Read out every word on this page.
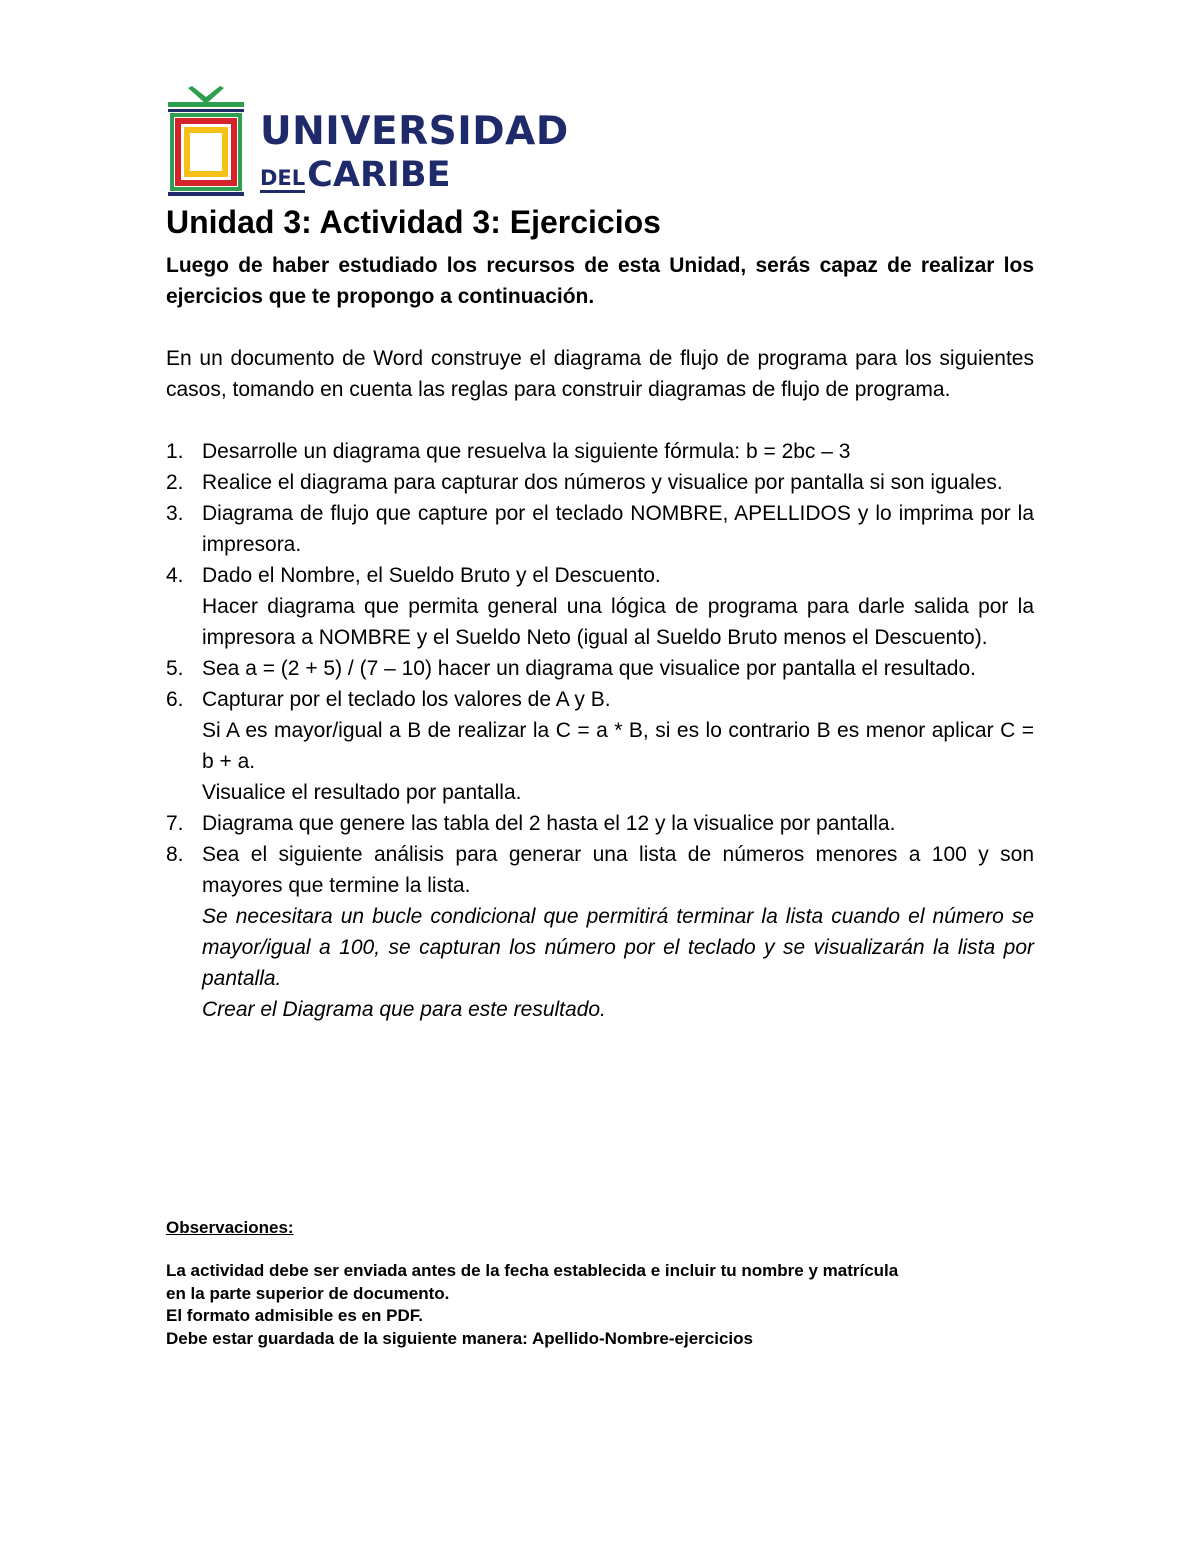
UNIVERSIDAD
DEL CARIBE
Unidad 3: Actividad 3: Ejercicios

Luego de haber estudiado los recursos de esta Unidad, serás capaz de realizar los ejercicios que te propongo a continuación.

En un documento de Word construye el diagrama de flujo de programa para los siguientes casos, tomando en cuenta las reglas para construir diagramas de flujo de programa.

1. Desarrolle un diagrama que resuelva la siguiente fórmula: b = 2bc – 3

2. Realice el diagrama para capturar dos números y visualice por pantalla si son iguales.

3. Diagrama de flujo que capture por el teclado NOMBRE, APELLIDOS y lo imprima por la impresora.

4. Dado el Nombre, el Sueldo Bruto y el Descuento.

Hacer diagrama que permita general una lógica de programa para darle salida por la impresora a NOMBRE y el Sueldo Neto (igual al Sueldo Bruto menos el Descuento).

5. Sea a = (2 + 5) / (7 – 10) hacer un diagrama que visualice por pantalla el resultado.

6. Capturar por el teclado los valores de A y B.

Si A es mayor/igual a B de realizar la C = a * B, si es lo contrario B es menor aplicar C = b + a.

Visualice el resultado por pantalla.

7. Diagrama que genere las tabla del 2 hasta el 12 y la visualice por pantalla.

8. Sea el siguiente análisis para generar una lista de números menores a 100 y son mayores que termine la lista.

Se necesitara un bucle condicional que permitirá terminar la lista cuando el número se mayor/igual a 100, se capturan los número por el teclado y se visualizarán la lista por pantalla.

Crear el Diagrama que para este resultado.

Observaciones:

La actividad debe ser enviada antes de la fecha establecida e incluir tu nombre y matrícula
en la parte superior de documento.
El formato admisible es en PDF.
Debe estar guardada de la siguiente manera: Apellido-Nombre-ejercicios
